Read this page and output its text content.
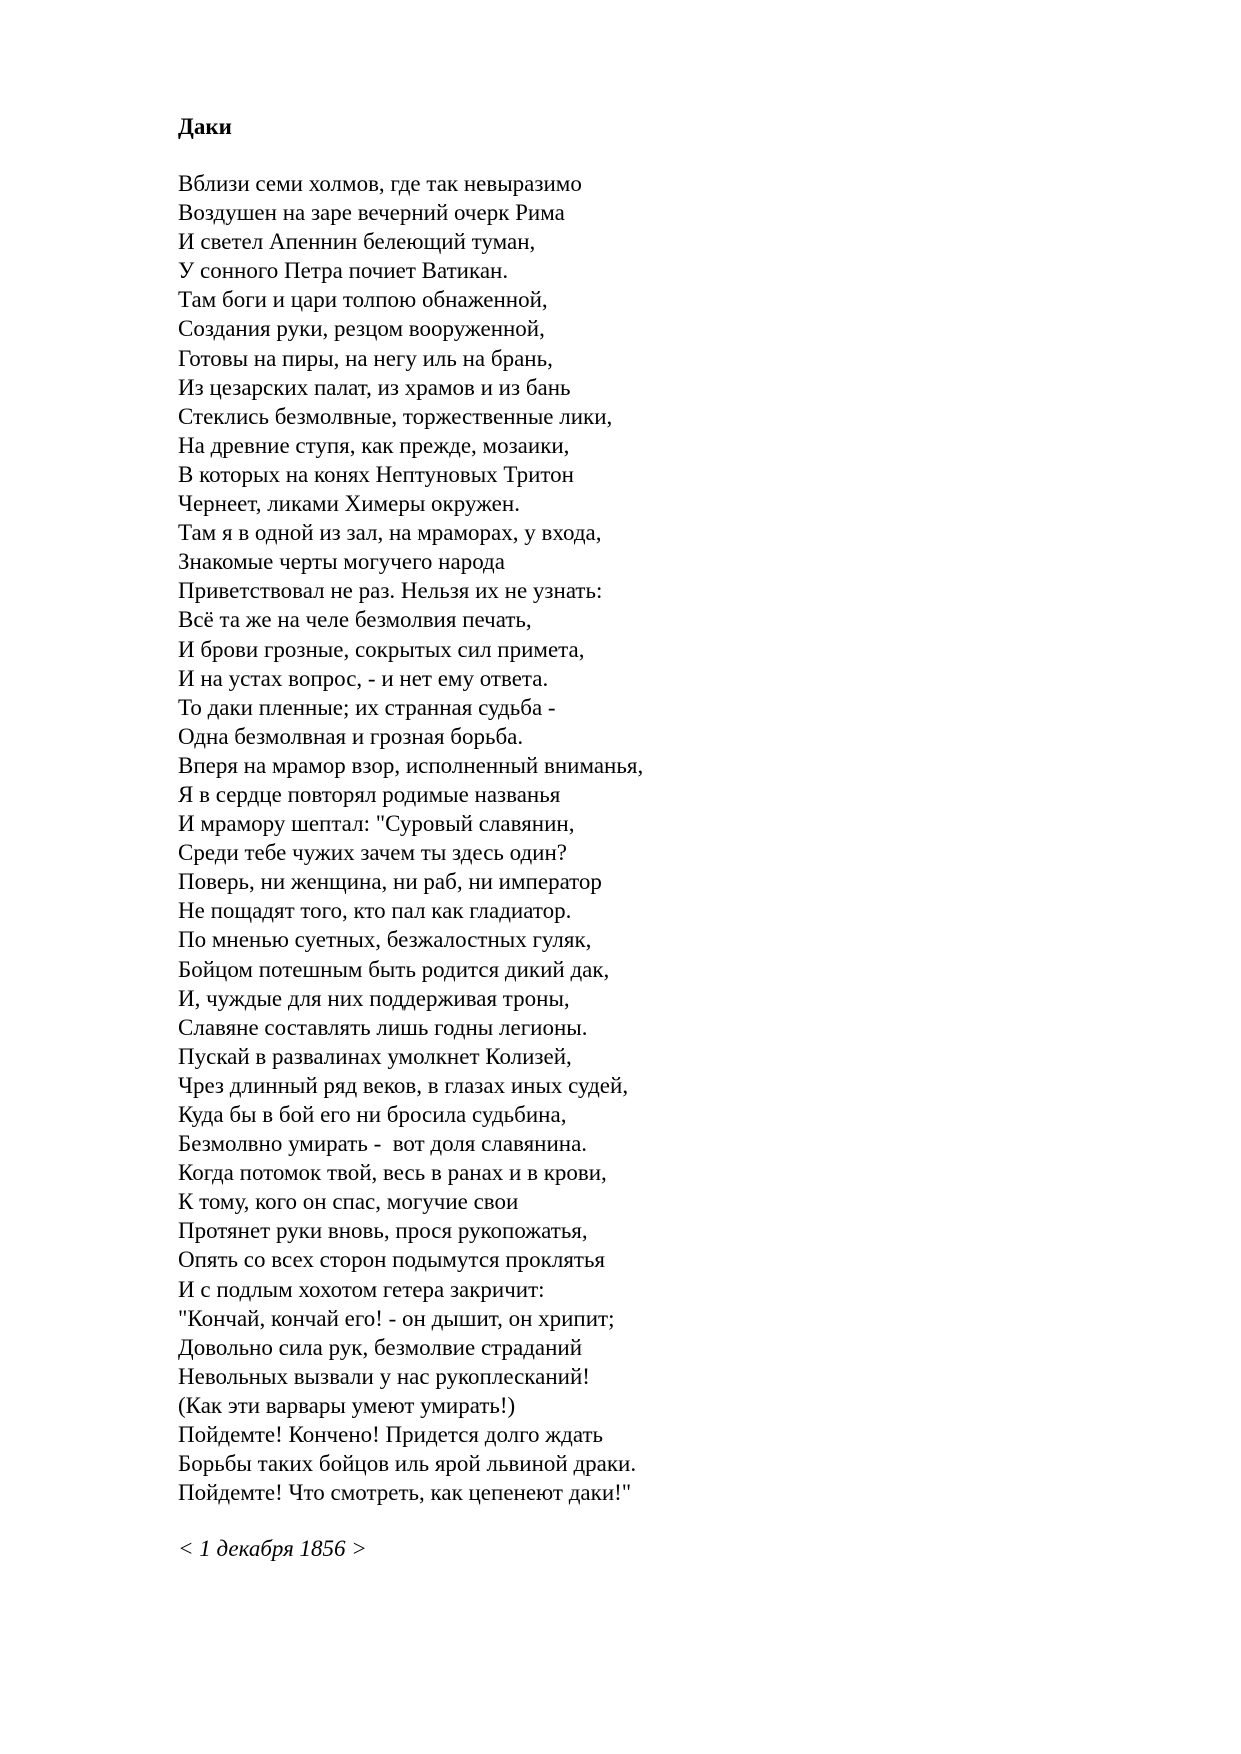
Даки
Вблизи семи холмов, где так невыразимо
Воздушен на заре вечерний очерк Рима
И светел Апеннин белеющий туман,
У сонного Петра почиет Ватикан.
Там боги и цари толпою обнаженной,
Создания руки, резцом вооруженной,
Готовы на пиры, на негу иль на брань,
Из цезарских палат, из храмов и из бань
Стеклись безмолвные, торжественные лики,
На древние ступя, как прежде, мозаики,
В которых на конях Нептуновых Тритон
Чернеет, ликами Химеры окружен.
Там я в одной из зал, на мраморах, у входа,
Знакомые черты могучего народа
Приветствовал не раз. Нельзя их не узнать:
Всё та же на челе безмолвия печать,
И брови грозные, сокрытых сил примета,
И на устах вопрос, - и нет ему ответа.
То даки пленные; их странная судьба -
Одна безмолвная и грозная борьба.
Вперя на мрамор взор, исполненный вниманья,
Я в сердце повторял родимые названья
И мрамору шептал: "Суровый славянин,
Среди тебе чужих зачем ты здесь один?
Поверь, ни женщина, ни раб, ни император
Не пощадят того, кто пал как гладиатор.
По мненью суетных, безжалостных гуляк,
Бойцом потешным быть родится дикий дак,
И, чуждые для них поддерживая троны,
Славяне составлять лишь годны легионы.
Пускай в развалинах умолкнет Колизей,
Чрез длинный ряд веков, в глазах иных судей,
Куда бы в бой его ни бросила судьбина,
Безмолвно умирать -  вот доля славянина.
Когда потомок твой, весь в ранах и в крови,
К тому, кого он спас, могучие свои
Протянет руки вновь, прося рукопожатья,
Опять со всех сторон подымутся проклятья
И с подлым хохотом гетера закричит:
"Кончай, кончай его! - он дышит, он хрипит;
Довольно сила рук, безмолвие страданий
Невольных вызвали у нас рукоплесканий!
(Как эти варвары умеют умирать!)
Пойдемте! Кончено! Придется долго ждать
Борьбы таких бойцов иль ярой львиной драки.
Пойдемте! Что смотреть, как цепенеют даки!"
< 1 декабря 1856 >
